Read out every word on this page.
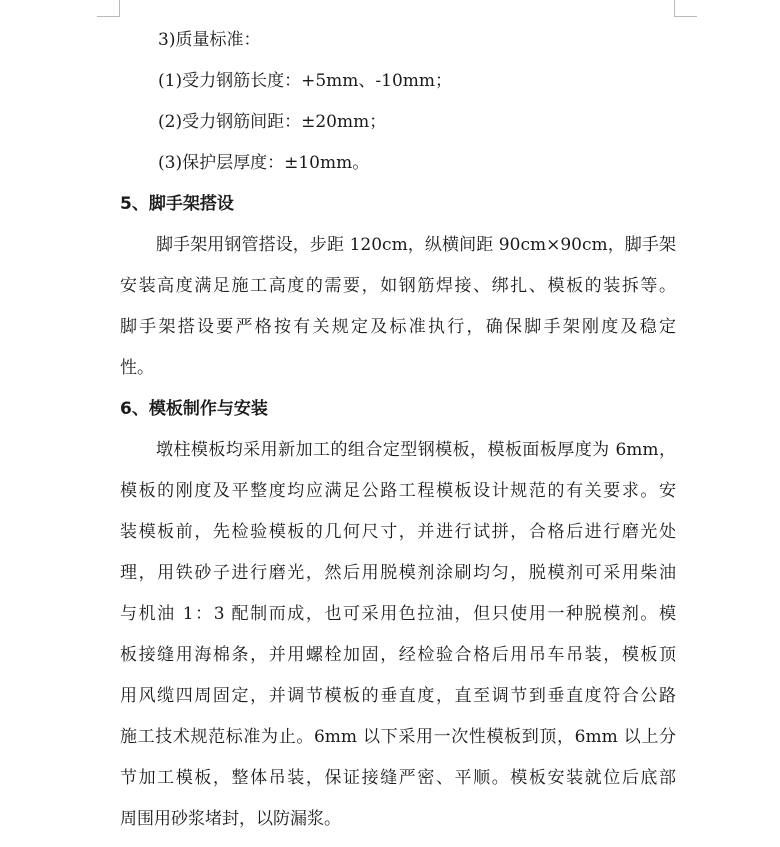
3)质量标准：
(1)受力钢筋长度：+5mm、-10mm；
(2)受力钢筋间距：±20mm；
(3)保护层厚度：±10mm。
5、脚手架搭设
脚手架用钢管搭设，步距 120cm，纵横间距 90cm×90cm，脚手架
安装高度满足施工高度的需要，如钢筋焊接、绑扎、模板的装拆等。
脚手架搭设要严格按有关规定及标准执行，确保脚手架刚度及稳定
性。
6、模板制作与安装
墩柱模板均采用新加工的组合定型钢模板，模板面板厚度为 6mm，
模板的刚度及平整度均应满足公路工程模板设计规范的有关要求。安
装模板前，先检验模板的几何尺寸，并进行试拼，合格后进行磨光处
理，用铁砂子进行磨光，然后用脱模剂涂刷均匀，脱模剂可采用柴油
与机油 1：3 配制而成，也可采用色拉油，但只使用一种脱模剂。模
板接缝用海棉条，并用螺栓加固，经检验合格后用吊车吊装，模板顶
用风缆四周固定，并调节模板的垂直度，直至调节到垂直度符合公路
施工技术规范标准为止。6mm 以下采用一次性模板到顶，6mm 以上分
节加工模板，整体吊装，保证接缝严密、平顺。模板安装就位后底部
周围用砂浆堵封，以防漏浆。
